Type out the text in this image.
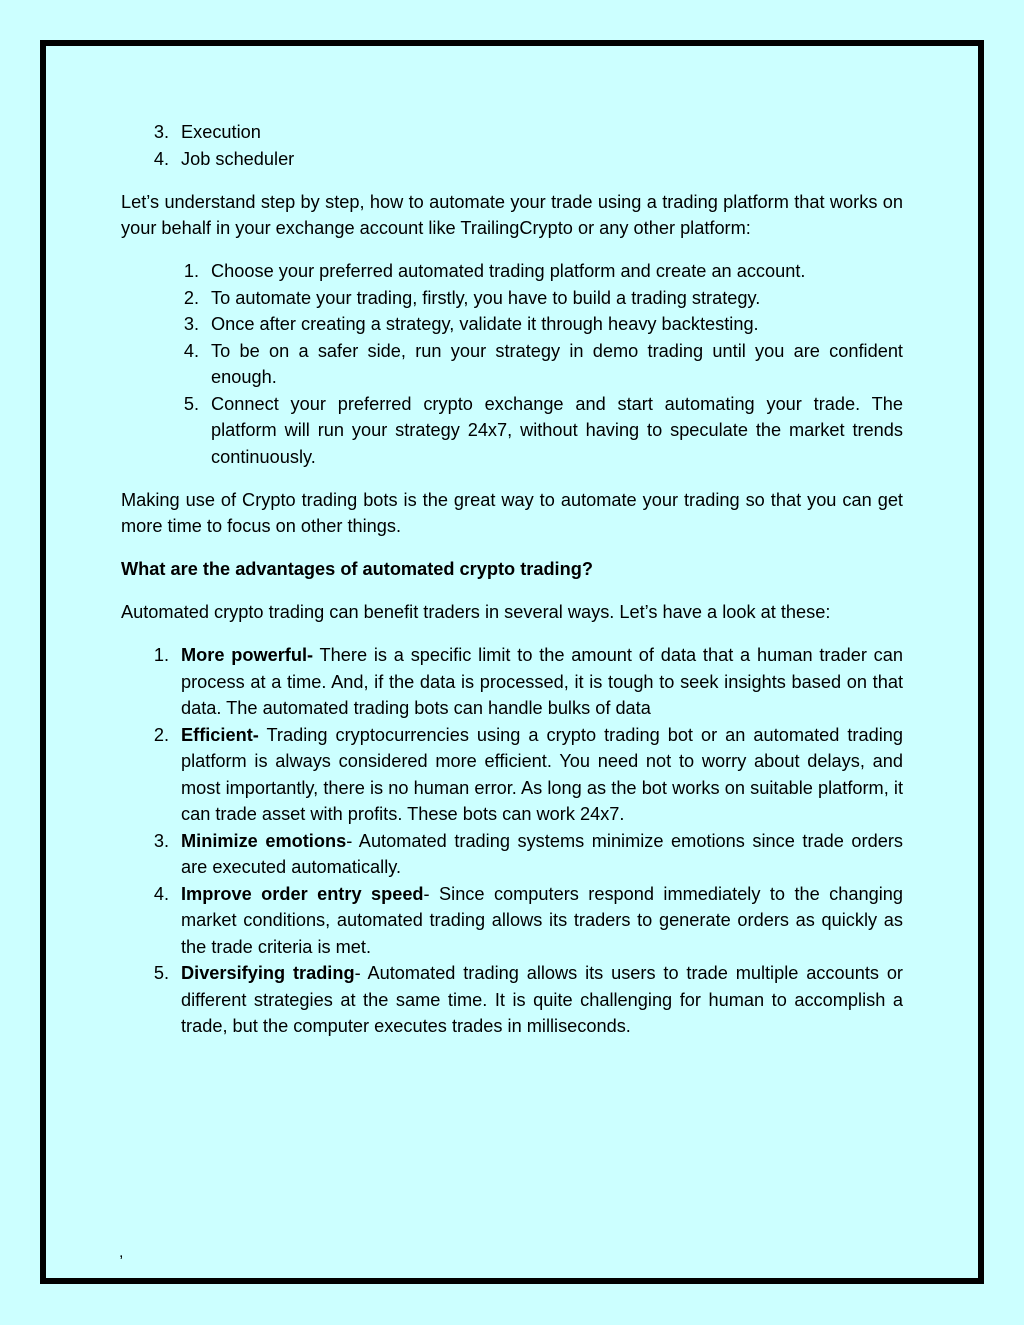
3. Execution
4. Job scheduler

Let’s understand step by step, how to automate your trade using a trading platform that works on your behalf in your exchange account like TrailingCrypto or any other platform:

1. Choose your preferred automated trading platform and create an account.
2. To automate your trading, firstly, you have to build a trading strategy.
3. Once after creating a strategy, validate it through heavy backtesting.
4. To be on a safer side, run your strategy in demo trading until you are confident enough.
5. Connect your preferred crypto exchange and start automating your trade. The platform will run your strategy 24x7, without having to speculate the market trends continuously.

Making use of Crypto trading bots is the great way to automate your trading so that you can get more time to focus on other things.

What are the advantages of automated crypto trading?

Automated crypto trading can benefit traders in several ways. Let’s have a look at these:

1. More powerful- There is a specific limit to the amount of data that a human trader can process at a time. And, if the data is processed, it is tough to seek insights based on that data. The automated trading bots can handle bulks of data
2. Efficient- Trading cryptocurrencies using a crypto trading bot or an automated trading platform is always considered more efficient. You need not to worry about delays, and most importantly, there is no human error. As long as the bot works on suitable platform, it can trade asset with profits. These bots can work 24x7.
3. Minimize emotions- Automated trading systems minimize emotions since trade orders are executed automatically.
4. Improve order entry speed- Since computers respond immediately to the changing market conditions, automated trading allows its traders to generate orders as quickly as the trade criteria is met.
5. Diversifying trading- Automated trading allows its users to trade multiple accounts or different strategies at the same time. It is quite challenging for human to accomplish a trade, but the computer executes trades in milliseconds.
,
